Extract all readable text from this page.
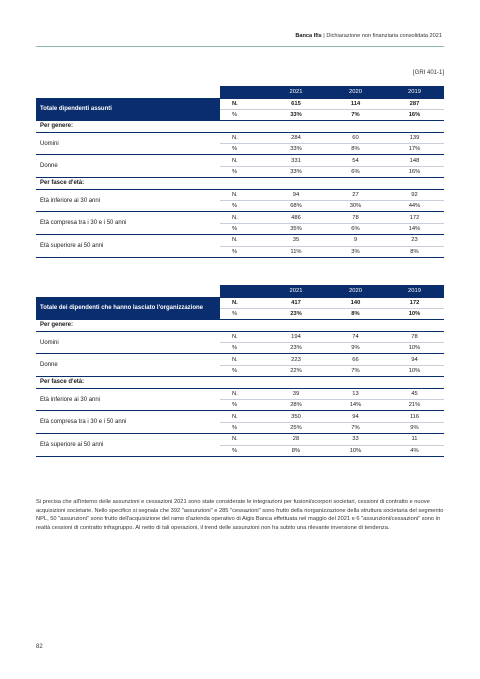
Banca Ifis | Dichiarazione non finanziaria consolidata 2021
[GRI 401-1]
		2021	2020	2019
Totale dipendenti assunti	N.	615	114	287
	%	33%	7%	16%
Per genere:				
Uomini	N.	284	60	139
	%	33%	8%	17%
Donne	N.	331	54	148
	%	33%	6%	16%
Per fasce d'età:				
Età inferiore ai 30 anni	N.	94	27	92
	%	68%	30%	44%
Età compresa tra i 30 e i 50 anni	N.	486	78	172
	%	35%	6%	14%
Età superiore ai 50 anni	N.	35	9	23
	%	11%	3%	8%
		2021	2020	2019
Totale dei dipendenti che hanno lasciato l'organizzazione	N.	417	140	172
	%	23%	8%	10%
Per genere:				
Uomini	N.	194	74	78
	%	23%	9%	10%
Donne	N.	223	66	94
	%	22%	7%	10%
Per fasce d'età:				
Età inferiore ai 30 anni	N.	39	13	45
	%	28%	14%	21%
Età compresa tra i 30 e i 50 anni	N.	350	94	116
	%	25%	7%	9%
Età superiore ai 50 anni	N.	28	33	11
	%	8%	10%	4%

Si precisa che all'interno delle assunzioni e cessazioni 2021 sono state considerate le integrazioni per fusioni/scorpori societari, cessioni di contratto e nuove acquisizioni societarie. Nello specifico si segnala che 392 "assunzioni" e 285 "cessazioni" sono frutto della riorganizzazione della struttura societaria del segmento NPL, 50 "assunzioni" sono frutto dell'acquisizione del ramo d'azienda operativo di Aigis Banca effettuata nel maggio del 2021 e 6 "assunzioni/cessazioni" sono in realtà cessioni di contratto infragruppo. Al netto di tali operazioni, il trend delle assunzioni non ha subito una rilevante inversione di tendenza.

82
